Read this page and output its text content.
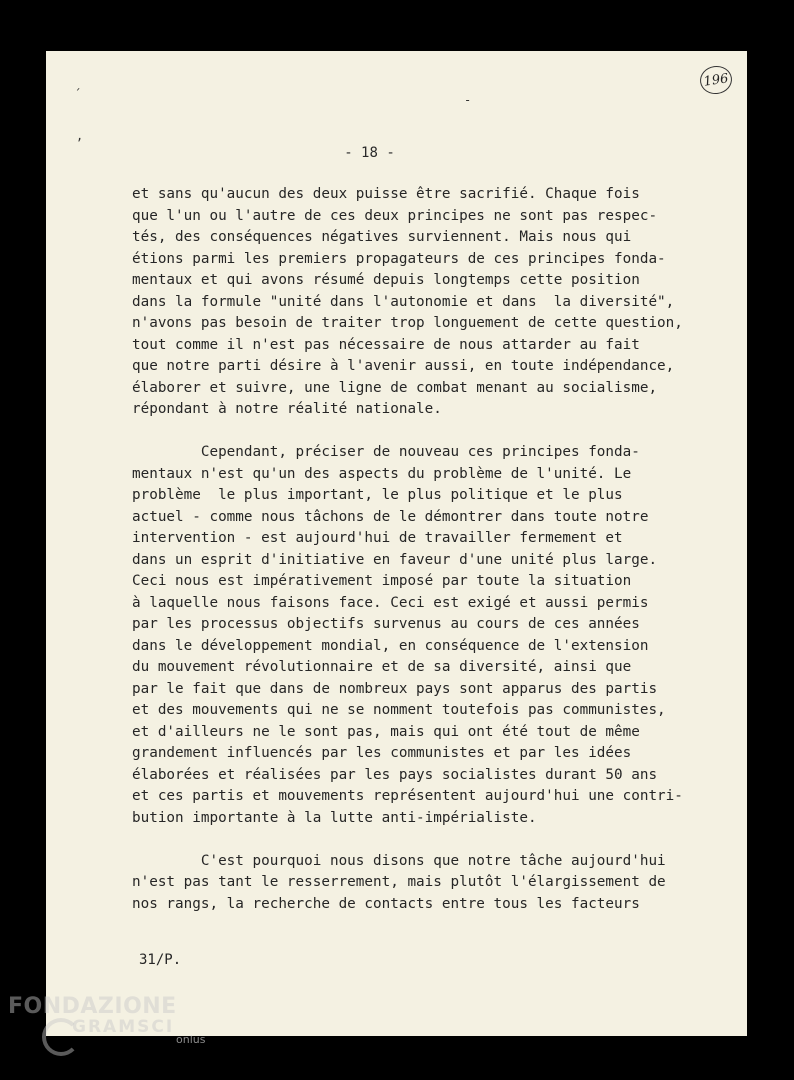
´
,
-
196
- 18 -
et sans qu'aucun des deux puisse être sacrifié. Chaque fois
que l'un ou l'autre de ces deux principes ne sont pas respec-
tés, des conséquences négatives surviennent. Mais nous qui
étions parmi les premiers propagateurs de ces principes fonda-
mentaux et qui avons résumé depuis longtemps cette position
dans la formule "unité dans l'autonomie et dans  la diversité",
n'avons pas besoin de traiter trop longuement de cette question,
tout comme il n'est pas nécessaire de nous attarder au fait
que notre parti désire à l'avenir aussi, en toute indépendance,
élaborer et suivre, une ligne de combat menant au socialisme,
répondant à notre réalité nationale.
Cependant, préciser de nouveau ces principes fonda-
mentaux n'est qu'un des aspects du problème de l'unité. Le
problème  le plus important, le plus politique et le plus
actuel - comme nous tâchons de le démontrer dans toute notre
intervention - est aujourd'hui de travailler fermement et
dans un esprit d'initiative en faveur d'une unité plus large.
Ceci nous est impérativement imposé par toute la situation
à laquelle nous faisons face. Ceci est exigé et aussi permis
par les processus objectifs survenus au cours de ces années
dans le développement mondial, en conséquence de l'extension
du mouvement révolutionnaire et de sa diversité, ainsi que
par le fait que dans de nombreux pays sont apparus des partis
et des mouvements qui ne se nomment toutefois pas communistes,
et d'ailleurs ne le sont pas, mais qui ont été tout de même
grandement influencés par les communistes et par les idées
élaborées et réalisées par les pays socialistes durant 50 ans
et ces partis et mouvements représentent aujourd'hui une contri-
bution importante à la lutte anti-impérialiste.
C'est pourquoi nous disons que notre tâche aujourd'hui
n'est pas tant le resserrement, mais plutôt l'élargissement de
nos rangs, la recherche de contacts entre tous les facteurs
31/P.
FONDAZIONE
GRAMSCI
onlus
